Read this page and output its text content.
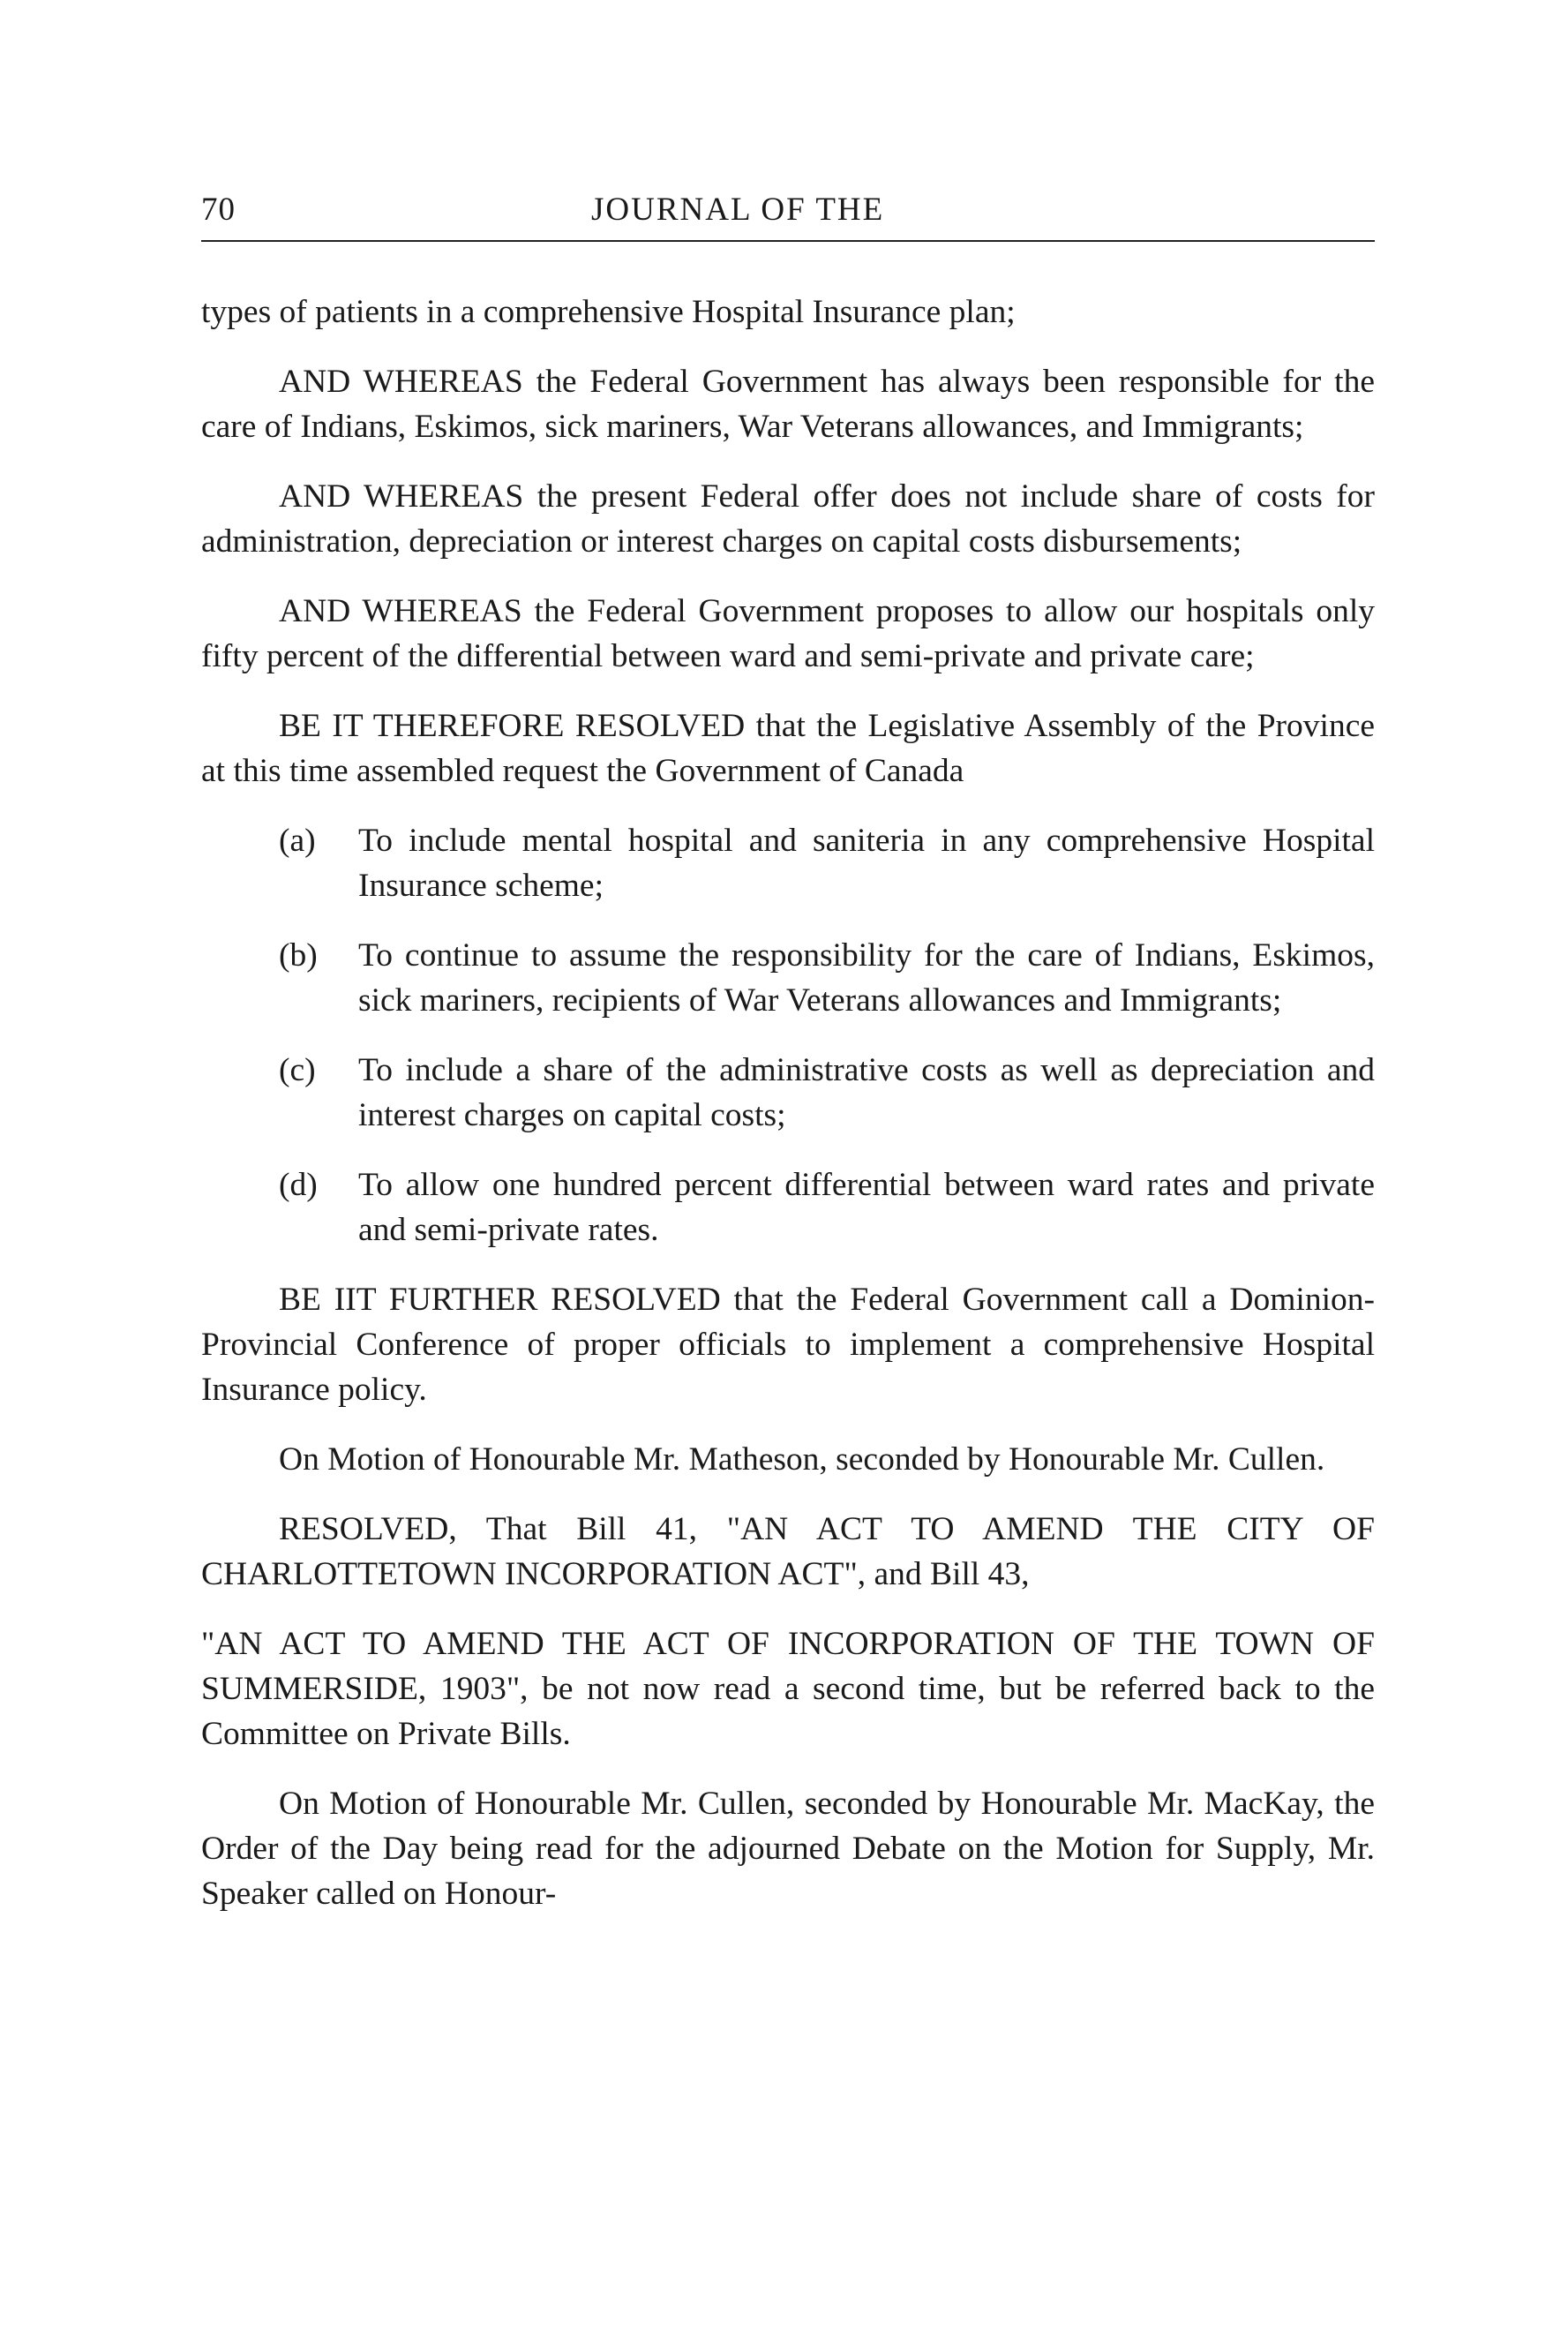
70	JOURNAL OF THE

types of patients in a comprehensive Hospital Insurance plan;

AND WHEREAS the Federal Government has always been responsible for the care of Indians, Eskimos, sick mariners, War Veterans allowances, and Immigrants;

AND WHEREAS the present Federal offer does not include share of costs for administration, depreciation or interest charges on capital costs disbursements;

AND WHEREAS the Federal Government proposes to allow our hospitals only fifty percent of the differential between ward and semi-private and private care;

BE IT THEREFORE RESOLVED that the Legislative Assembly of the Province at this time assembled request the Government of Canada

(a) To include mental hospital and saniteria in any comprehensive Hospital Insurance scheme;
(b) To continue to assume the responsibility for the care of Indians, Eskimos, sick mariners, recipients of War Veterans allowances and Immigrants;
(c) To include a share of the administrative costs as well as depreciation and interest charges on capital costs;
(d) To allow one hundred percent differential between ward rates and private and semi-private rates.

BE IIT FURTHER RESOLVED that the Federal Government call a Dominion-Provincial Conference of proper officials to implement a comprehensive Hospital Insurance policy.

On Motion of Honourable Mr. Matheson, seconded by Honourable Mr. Cullen.

RESOLVED, That Bill 41, "AN ACT TO AMEND THE CITY OF CHARLOTTETOWN INCORPORATION ACT", and Bill 43,

"AN ACT TO AMEND THE ACT OF INCORPORATION OF THE TOWN OF SUMMERSIDE, 1903", be not now read a second time, but be referred back to the Committee on Private Bills.

On Motion of Honourable Mr. Cullen, seconded by Honourable Mr. MacKay, the Order of the Day being read for the adjourned Debate on the Motion for Supply, Mr. Speaker called on Honour-
